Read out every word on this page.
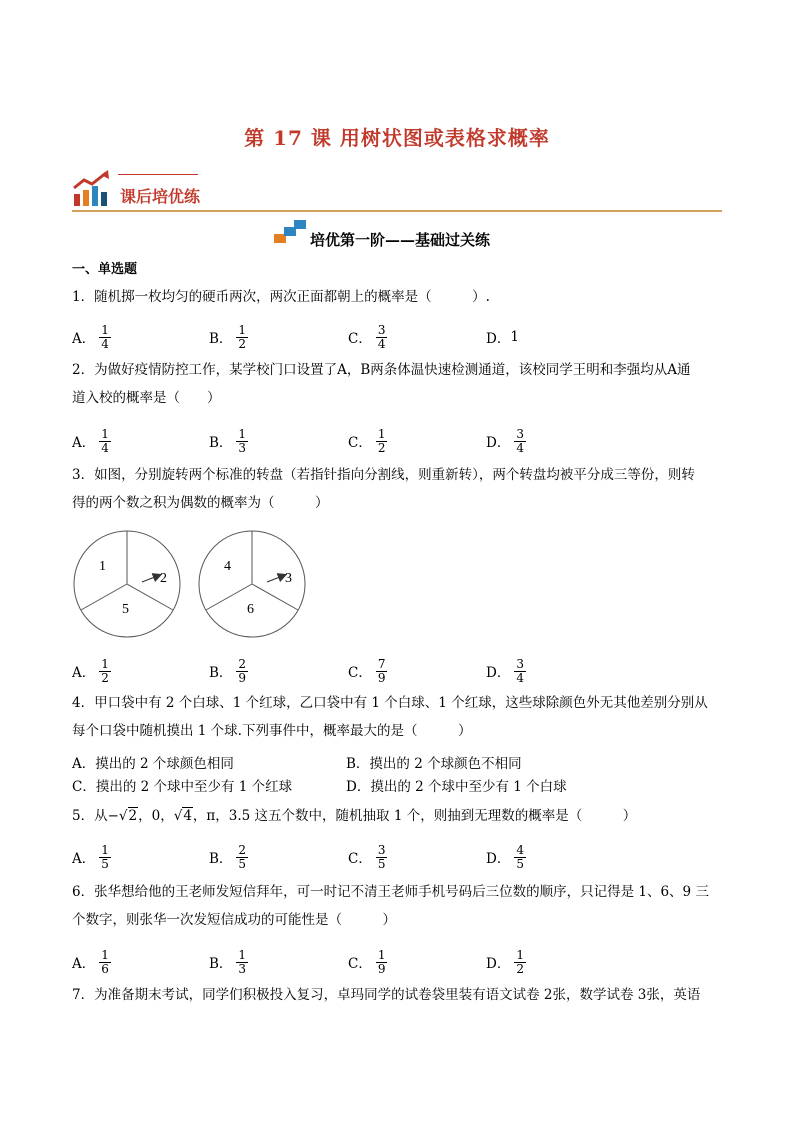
第 17 课 用树状图或表格求概率
课后培优练
培优第一阶——基础过关练
一、单选题
1．随机掷一枚均匀的硬币两次，两次正面都朝上的概率是（　　　）.
A． $\frac{1}{4}$	B． $\frac{1}{2}$	C． $\frac{3}{4}$	D． 1
2．为做好疫情防控工作，某学校门口设置了A，B两条体温快速检测通道，该校同学王明和李强均从A通
道入校的概率是（　　）
A． $\frac{1}{4}$	B． $\frac{1}{3}$	C． $\frac{1}{2}$	D． $\frac{3}{4}$
3．如图，分别旋转两个标准的转盘（若指针指向分割线，则重新转），两个转盘均被平分成三等份，则转
得的两个数之积为偶数的概率为（　　　）
1
2
5
4
3
6
A． $\frac{1}{2}$	B． $\frac{2}{9}$	C． $\frac{7}{9}$	D． $\frac{3}{4}$
4．甲口袋中有 2 个白球、1 个红球，乙口袋中有 1 个白球、1 个红球，这些球除颜色外无其他差别分别从
每个口袋中随机摸出 1 个球.下列事件中，概率最大的是（　　　）
A．摸出的 2 个球颜色相同	B．摸出的 2 个球颜色不相同
C．摸出的 2 个球中至少有 1 个红球	D．摸出的 2 个球中至少有 1 个白球
5．从−√2，0，√4，π，3.5 这五个数中，随机抽取 1 个，则抽到无理数的概率是（　　　）
A． $\frac{1}{5}$	B． $\frac{2}{5}$	C． $\frac{3}{5}$	D． $\frac{4}{5}$
6．张华想给他的王老师发短信拜年，可一时记不清王老师手机号码后三位数的顺序，只记得是 1、6、9 三
个数字，则张华一次发短信成功的可能性是（　　　）
A． $\frac{1}{6}$	B． $\frac{1}{3}$	C． $\frac{1}{9}$	D． $\frac{1}{2}$
7．为准备期末考试，同学们积极投入复习，卓玛同学的试卷袋里装有语文试卷 2张，数学试卷 3张，英语
